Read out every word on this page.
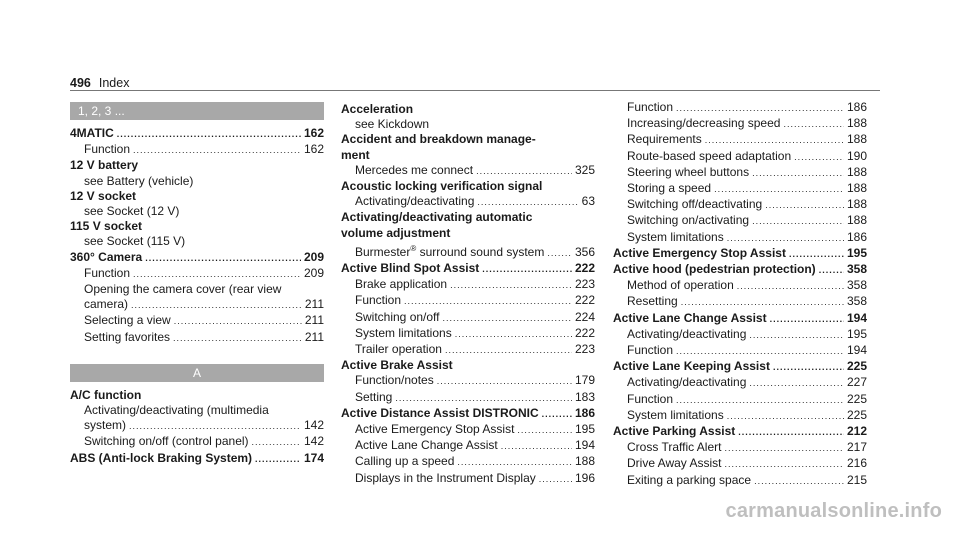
496 Index
1, 2, 3 ...
4MATIC .....	162
Function .....	162
12 V battery
see Battery (vehicle)
12 V socket
see Socket (12 V)
115 V socket
see Socket (115 V)
360° Camera .....	209
Function .....	209
Opening the camera cover (rear view
camera) .....	211
Selecting a view .....	211
Setting favorites .....	211
A
A/C function
Activating/deactivating (multimedia
system) .....	142
Switching on/off (control panel) .....	142
ABS (Anti-lock Braking System) .....	174
Acceleration
see Kickdown
Accident and breakdown manage-
ment
Mercedes me connect .....	325
Acoustic locking verification signal
Activating/deactivating .....	63
Activating/deactivating automatic
volume adjustment
Burmester® surround sound system .....	356
Active Blind Spot Assist .....	222
Brake application .....	223
Function .....	222
Switching on/off .....	224
System limitations .....	222
Trailer operation .....	223
Active Brake Assist
Function/notes .....	179
Setting .....	183
Active Distance Assist DISTRONIC .....	186
Active Emergency Stop Assist .....	195
Active Lane Change Assist .....	194
Calling up a speed .....	188
Displays in the Instrument Display .....	196
Function .....	186
Increasing/decreasing speed .....	188
Requirements .....	188
Route-based speed adaptation .....	190
Steering wheel buttons .....	188
Storing a speed .....	188
Switching off/deactivating .....	188
Switching on/activating .....	188
System limitations .....	186
Active Emergency Stop Assist .....	195
Active hood (pedestrian protection) .....	358
Method of operation .....	358
Resetting .....	358
Active Lane Change Assist .....	194
Activating/deactivating .....	195
Function .....	194
Active Lane Keeping Assist .....	225
Activating/deactivating .....	227
Function .....	225
System limitations .....	225
Active Parking Assist .....	212
Cross Traffic Alert .....	217
Drive Away Assist .....	216
Exiting a parking space .....	215
carmanualsonline.info
